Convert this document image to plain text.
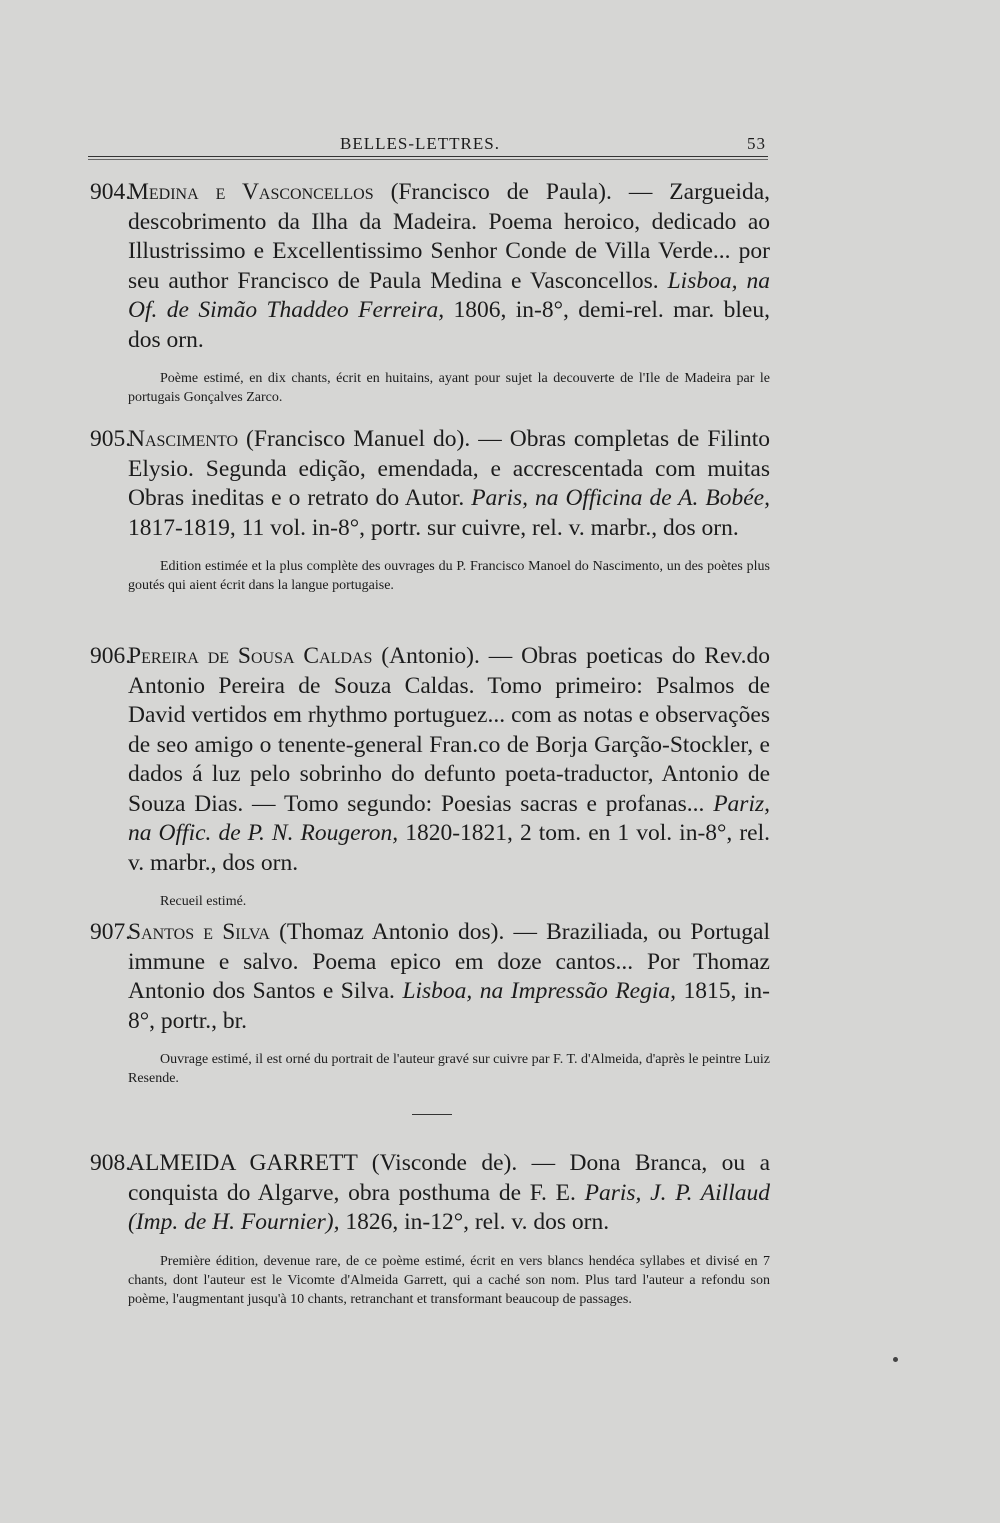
BELLES-LETTRES.	53

904.
Medina e Vasconcellos (Francisco de Paula). — Zargueida, descobrimento da Ilha da Madeira. Poema heroico, dedicado ao Illustrissimo e Excellentissimo Senhor Conde de Villa Verde... por seu author Francisco de Paula Medina e Vasconcellos. Lisboa, na Of. de Simão Thaddeo Ferreira, 1806, in-8°, demi-rel. mar. bleu, dos orn.

Poème estimé, en dix chants, écrit en huitains, ayant pour sujet la decouverte de l'Ile de Madeira par le portugais Gonçalves Zarco.

905.
Nascimento (Francisco Manuel do). — Obras completas de Filinto Elysio. Segunda edição, emendada, e accrescentada com muitas Obras ineditas e o retrato do Autor. Paris, na Officina de A. Bobée, 1817-1819, 11 vol. in-8°, portr. sur cuivre, rel. v. marbr., dos orn.

Edition estimée et la plus complète des ouvrages du P. Francisco Manoel do Nascimento, un des poètes plus goutés qui aient écrit dans la langue portugaise.

906.
Pereira de Sousa Caldas (Antonio). — Obras poeticas do Rev.do Antonio Pereira de Souza Caldas. Tomo primeiro: Psalmos de David vertidos em rhythmo portuguez... com as notas e observações de seo amigo o tenente-general Fran.co de Borja Garção-Stockler, e dados á luz pelo sobrinho do defunto poeta-traductor, Antonio de Souza Dias. — Tomo segundo: Poesias sacras e profanas... Pariz, na Offic. de P. N. Rougeron, 1820-1821, 2 tom. en 1 vol. in-8°, rel. v. marbr., dos orn.

Recueil estimé.

907.
Santos e Silva (Thomaz Antonio dos). — Braziliada, ou Portugal immune e salvo. Poema epico em doze cantos... Por Thomaz Antonio dos Santos e Silva. Lisboa, na Impressão Regia, 1815, in-8°, portr., br.

Ouvrage estimé, il est orné du portrait de l'auteur gravé sur cuivre par F. T. d'Almeida, d'après le peintre Luiz Resende.

908.
ALMEIDA GARRETT (Visconde de). — Dona Branca, ou a conquista do Algarve, obra posthuma de F. E. Paris, J. P. Aillaud (Imp. de H. Fournier), 1826, in-12°, rel. v. dos orn.

Première édition, devenue rare, de ce poème estimé, écrit en vers blancs hendéca syllabes et divisé en 7 chants, dont l'auteur est le Vicomte d'Almeida Garrett, qui a caché son nom. Plus tard l'auteur a refondu son poème, l'augmentant jusqu'à 10 chants, retranchant et transformant beaucoup de passages.
